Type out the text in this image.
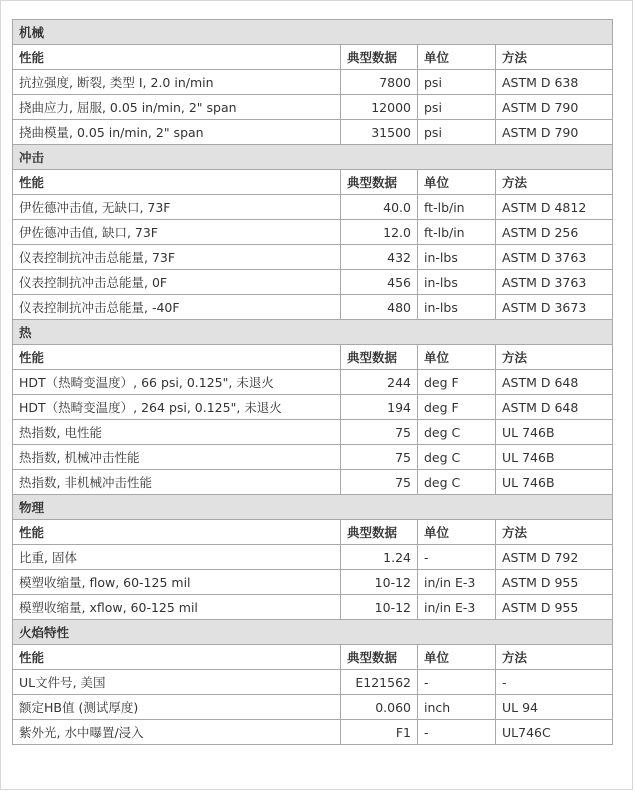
机械			
性能	典型数据	单位	方法
抗拉强度, 断裂, 类型 I, 2.0 in/min	7800	psi	ASTM D 638
挠曲应力, 屈服, 0.05 in/min, 2" span	12000	psi	ASTM D 790
挠曲模量, 0.05 in/min, 2" span	31500	psi	ASTM D 790
冲击			
性能	典型数据	单位	方法
伊佐德冲击值, 无缺口, 73F	40.0	ft-lb/in	ASTM D 4812
伊佐德冲击值, 缺口, 73F	12.0	ft-lb/in	ASTM D 256
仪表控制抗冲击总能量, 73F	432	in-lbs	ASTM D 3763
仪表控制抗冲击总能量, 0F	456	in-lbs	ASTM D 3763
仪表控制抗冲击总能量, -40F	480	in-lbs	ASTM D 3673
热			
性能	典型数据	单位	方法
HDT（热畸变温度）, 66 psi, 0.125", 未退火	244	deg F	ASTM D 648
HDT（热畸变温度）, 264 psi, 0.125", 未退火	194	deg F	ASTM D 648
热指数, 电性能	75	deg C	UL 746B
热指数, 机械冲击性能	75	deg C	UL 746B
热指数, 非机械冲击性能	75	deg C	UL 746B
物理			
性能	典型数据	单位	方法
比重, 固体	1.24	-	ASTM D 792
模塑收缩量, flow, 60-125 mil	10-12	in/in E-3	ASTM D 955
模塑收缩量, xflow, 60-125 mil	10-12	in/in E-3	ASTM D 955
火焰特性			
性能	典型数据	单位	方法
UL文件号, 美国	E121562	-	-
额定HB值 (测试厚度)	0.060	inch	UL 94
紫外光, 水中曝置/浸入	F1	-	UL746C
